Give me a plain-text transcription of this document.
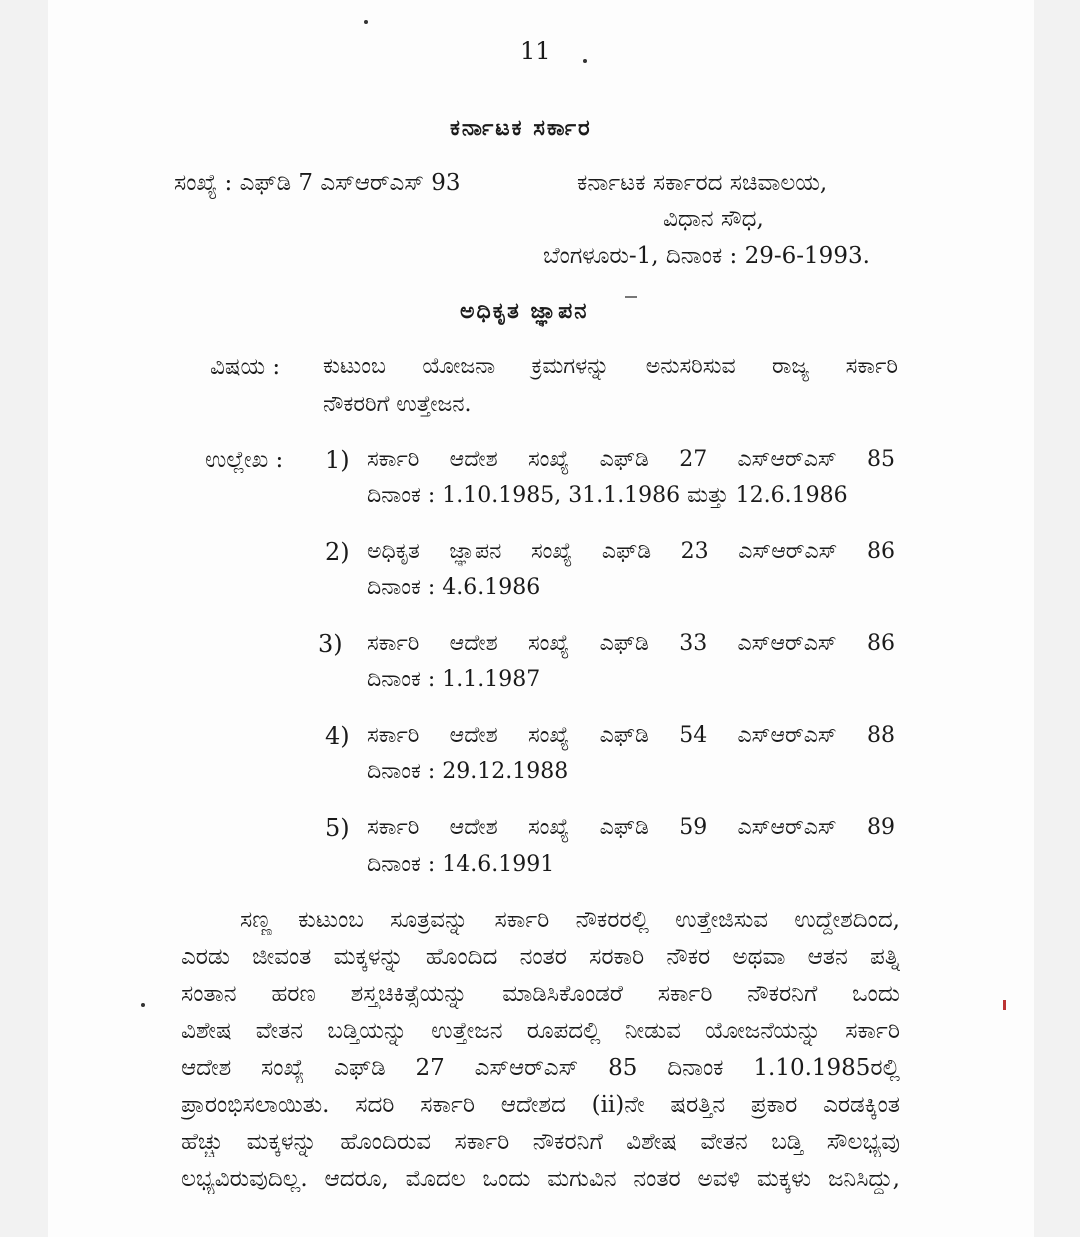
11
ಕರ್ನಾಟಕ ಸರ್ಕಾರ
ಸಂಖ್ಯೆ : ಎಫ್‌ಡಿ 7 ಎಸ್‌ಆರ್‌ಎಸ್ 93	ಕರ್ನಾಟಕ ಸರ್ಕಾರದ ಸಚಿವಾಲಯ,
ವಿಧಾನ ಸೌಧ,
ಬೆಂಗಳೂರು-1, ದಿನಾಂಕ : 29-6-1993.
ಅಧಿಕೃತ ಜ್ಞಾಪನ
ವಿಷಯ : ಕುಟುಂಬ ಯೋಜನಾ ಕ್ರಮಗಳನ್ನು ಅನುಸರಿಸುವ ರಾಜ್ಯ ಸರ್ಕಾರಿ
ನೌಕರರಿಗೆ ಉತ್ತೇಜನ.
ಉಲ್ಲೇಖ : 1) ಸರ್ಕಾರಿ ಆದೇಶ ಸಂಖ್ಯೆ ಎಫ್‌ಡಿ 27 ಎಸ್‌ಆರ್‌ಎಸ್ 85
ದಿನಾಂಕ : 1.10.1985, 31.1.1986 ಮತ್ತು 12.6.1986
2) ಅಧಿಕೃತ ಜ್ಞಾಪನ ಸಂಖ್ಯೆ ಎಫ್‌ಡಿ 23 ಎಸ್‌ಆರ್‌ಎಸ್ 86
ದಿನಾಂಕ : 4.6.1986
3) ಸರ್ಕಾರಿ ಆದೇಶ ಸಂಖ್ಯೆ ಎಫ್‌ಡಿ 33 ಎಸ್‌ಆರ್‌ಎಸ್ 86
ದಿನಾಂಕ : 1.1.1987
4) ಸರ್ಕಾರಿ ಆದೇಶ ಸಂಖ್ಯೆ ಎಫ್‌ಡಿ 54 ಎಸ್‌ಆರ್‌ಎಸ್ 88
ದಿನಾಂಕ : 29.12.1988
5) ಸರ್ಕಾರಿ ಆದೇಶ ಸಂಖ್ಯೆ ಎಫ್‌ಡಿ 59 ಎಸ್‌ಆರ್‌ಎಸ್ 89
ದಿನಾಂಕ : 14.6.1991
ಸಣ್ಣ ಕುಟುಂಬ ಸೂತ್ರವನ್ನು ಸರ್ಕಾರಿ ನೌಕರರಲ್ಲಿ ಉತ್ತೇಜಿಸುವ ಉದ್ದೇಶದಿಂದ,
ಎರಡು ಜೀವಂತ ಮಕ್ಕಳನ್ನು ಹೊಂದಿದ ನಂತರ ಸರಕಾರಿ ನೌಕರ ಅಥವಾ ಆತನ ಪತ್ನಿ
ಸಂತಾನ ಹರಣ ಶಸ್ತ್ರಚಿಕಿತ್ಸೆಯನ್ನು ಮಾಡಿಸಿಕೊಂಡರೆ ಸರ್ಕಾರಿ ನೌಕರನಿಗೆ ಒಂದು
ವಿಶೇಷ ವೇತನ ಬಡ್ತಿಯನ್ನು ಉತ್ತೇಜನ ರೂಪದಲ್ಲಿ ನೀಡುವ ಯೋಜನೆಯನ್ನು ಸರ್ಕಾರಿ
ಆದೇಶ ಸಂಖ್ಯೆ ಎಫ್‌ಡಿ 27 ಎಸ್‌ಆರ್‌ಎಸ್ 85 ದಿನಾಂಕ 1.10.1985ರಲ್ಲಿ
ಪ್ರಾರಂಭಿಸಲಾಯಿತು. ಸದರಿ ಸರ್ಕಾರಿ ಆದೇಶದ (ii)ನೇ ಷರತ್ತಿನ ಪ್ರಕಾರ ಎರಡಕ್ಕಿಂತ
ಹೆಚ್ಚು ಮಕ್ಕಳನ್ನು ಹೊಂದಿರುವ ಸರ್ಕಾರಿ ನೌಕರನಿಗೆ ವಿಶೇಷ ವೇತನ ಬಡ್ತಿ ಸೌಲಭ್ಯವು
ಲಭ್ಯವಿರುವುದಿಲ್ಲ. ಆದರೂ, ಮೊದಲ ಒಂದು ಮಗುವಿನ ನಂತರ ಅವಳಿ ಮಕ್ಕಳು ಜನಿಸಿದ್ದು,
